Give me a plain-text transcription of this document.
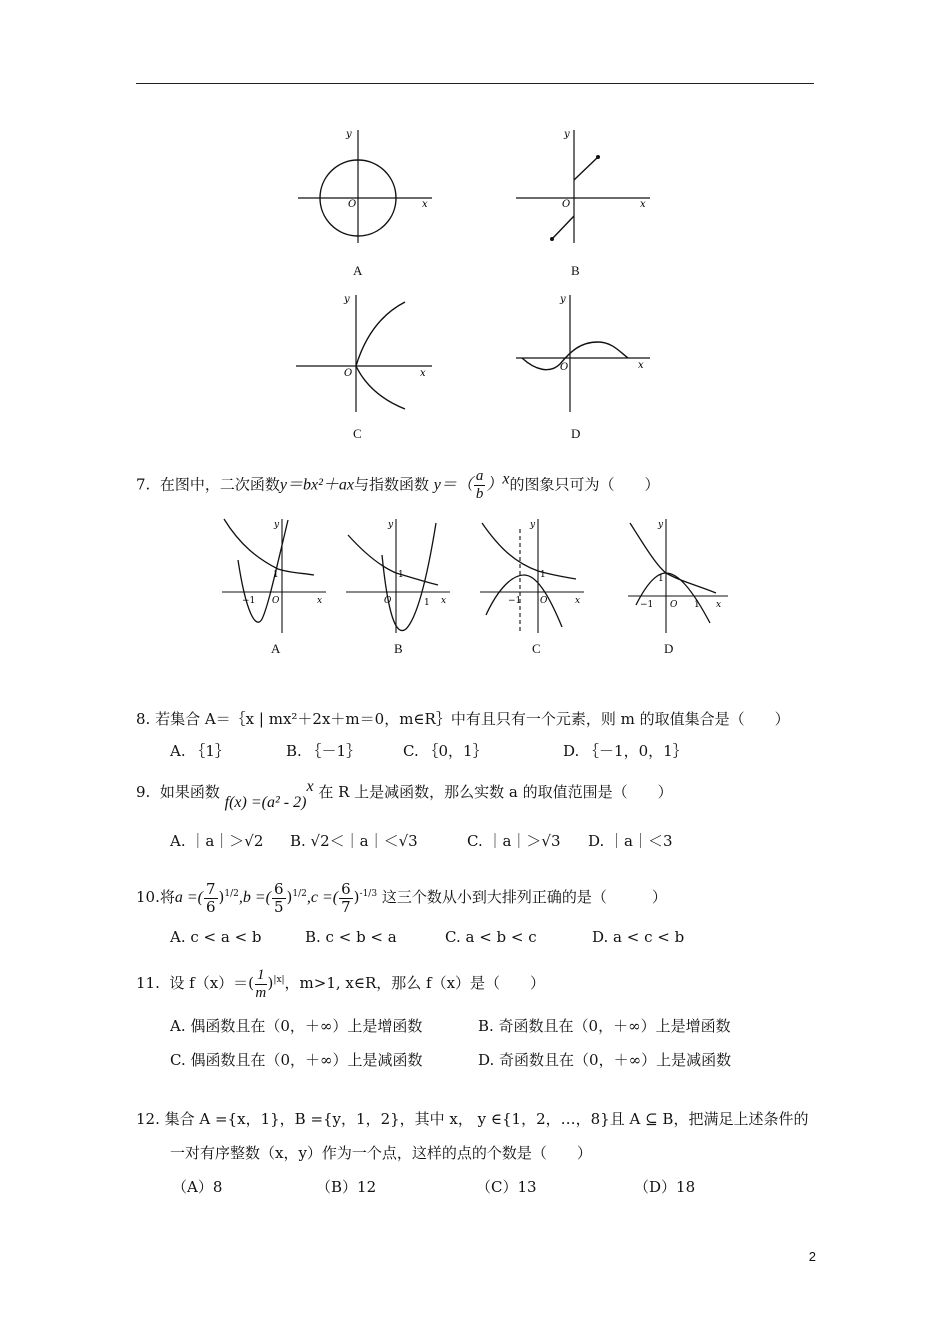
O	x
y
A
O	x
y
B
O	x
y
C
O	x
y
D
7. 在图中，二次函数y＝bx²＋ax与指数函数 $y=( \frac{a}{b} )^x$的图象只可为（　　）
−1
1
O	x
y
A
1
O	1 x
y
B
−1
1
O	x
y
C
−1
1
O 1 x
y
D
8. 若集合 A＝｛x | mx²＋2x＋m＝0，m∈R｝中有且只有一个元素，则 m 的取值集合是（　　）
A. ｛1｝	B. ｛－1｝	C. ｛0，1｝	D. ｛－1，0，1｝
9. 如果函数 f(x) =(a² - 2)$^x$ 在 R 上是减函数，那么实数 a 的取值范围是（　　）
A. ｜a｜＞√2 B. √2＜｜a｜＜√3	C. ｜a｜＞√3 D. ｜a｜＜3
10.将a =( $\frac{7}{6} )^{1/2},b$ =( $\frac{6}{5} )^{1/2},c$ =( $\frac{6}{7} )^{-1/3}$ 这三个数从小到大排列正确的是（　　　）
A. c < a < b	B. c < b < a	C. a < b < c	D. a < c < b
11. 设 $f(x)=( \frac{1}{m} )^{|x|}$，m>1, x∈R，那么 f（x）是（　　）
A. 偶函数且在（0，＋∞）上是增函数	B. 奇函数且在（0，＋∞）上是增函数
C. 偶函数且在（0，＋∞）上是减函数	D. 奇函数且在（0，＋∞）上是减函数
12. 集合 A ={x，1}，B ={y，1，2}，其中 x， y ∈{1，2，…，8}且 A ⊆ B，把满足上述条件的
一对有序整数（x，y）作为一个点，这样的点的个数是（　　）
（A）8	（B）12	（C）13	（D）18
2
